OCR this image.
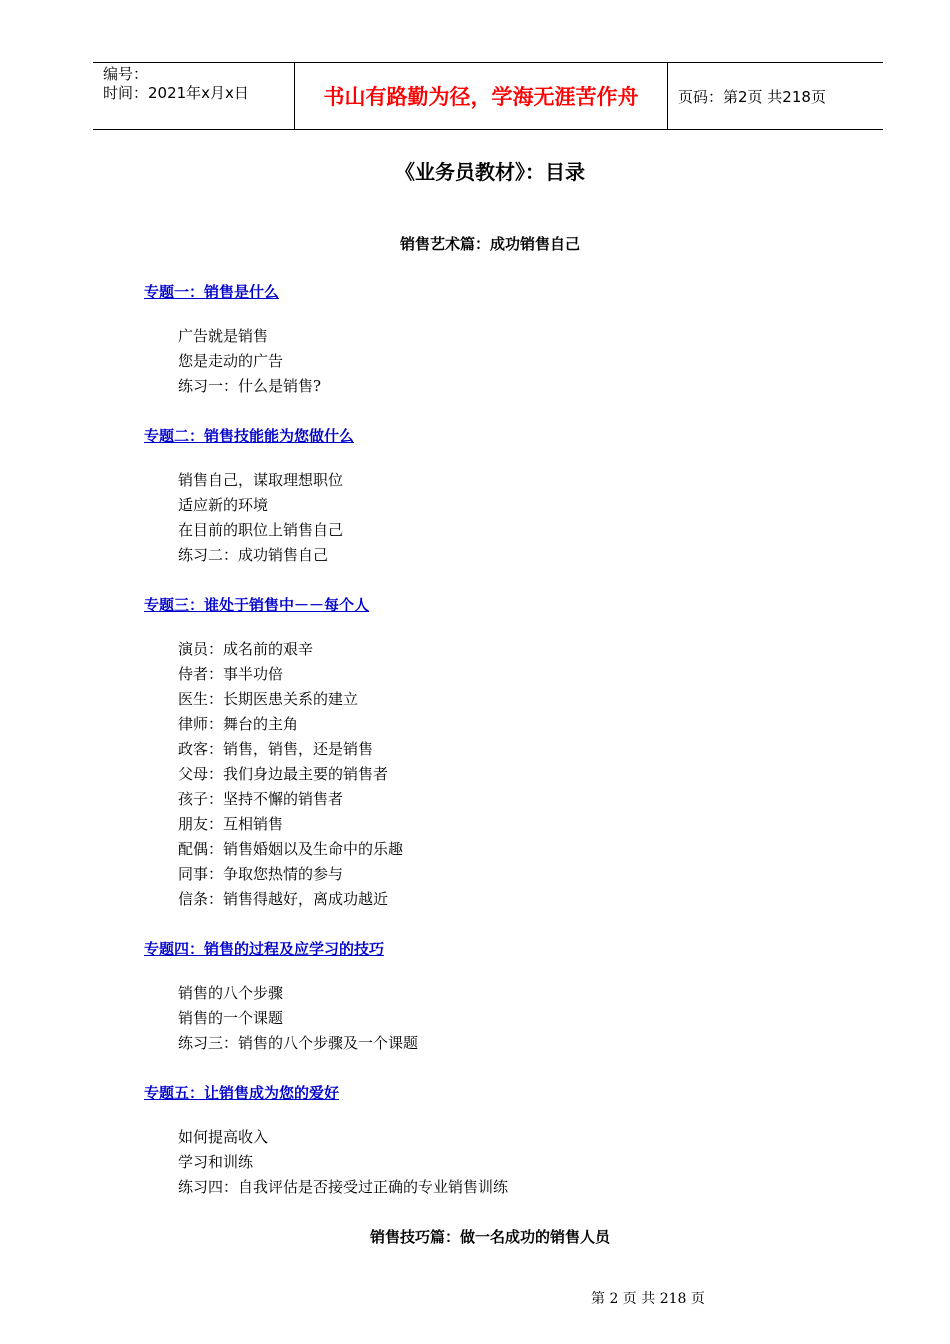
编号：
时间：2021年x月x日	书山有路勤为径，学海无涯苦作舟	页码：第2页 共218页
《业务员教材》：目录
销售艺术篇：成功销售自己
专题一：销售是什么
广告就是销售
您是走动的广告
练习一：什么是销售?
专题二：销售技能能为您做什么
销售自己，谋取理想职位
适应新的环境
在目前的职位上销售自己
练习二：成功销售自己
专题三：谁处于销售中－－每个人
演员：成名前的艰辛
侍者：事半功倍
医生：长期医患关系的建立
律师：舞台的主角
政客：销售，销售，还是销售
父母：我们身边最主要的销售者
孩子：坚持不懈的销售者
朋友：互相销售
配偶：销售婚姻以及生命中的乐趣
同事：争取您热情的参与
信条：销售得越好，离成功越近
专题四：销售的过程及应学习的技巧
销售的八个步骤
销售的一个课题
练习三：销售的八个步骤及一个课题
专题五：让销售成为您的爱好
如何提高收入
学习和训练
练习四：自我评估是否接受过正确的专业销售训练
销售技巧篇：做一名成功的销售人员
第 2 页 共 218 页
